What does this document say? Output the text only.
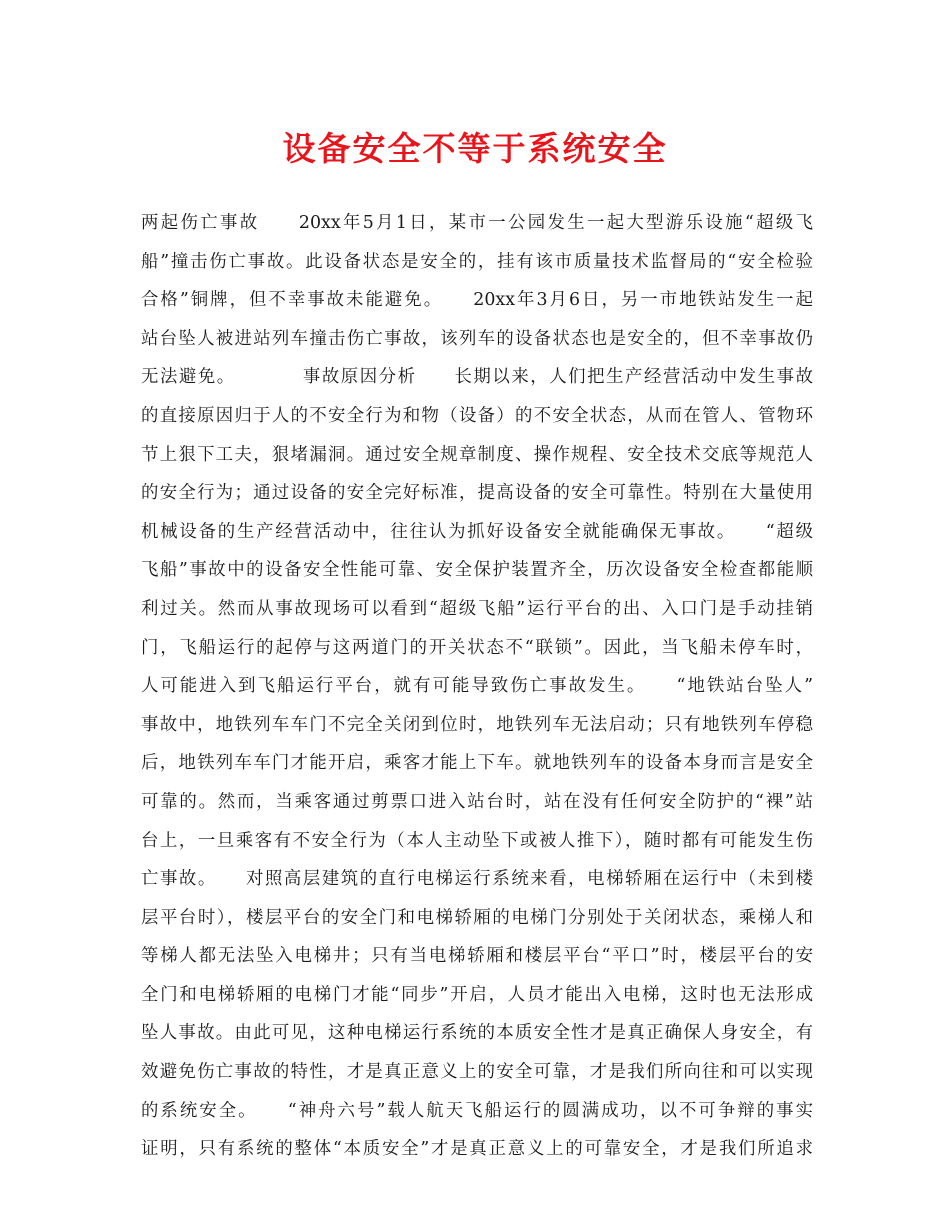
设备安全不等于系统安全
两起伤亡事故　　20xx年5月1日，某市一公园发生一起大型游乐设施“超级飞
船”撞击伤亡事故。此设备状态是安全的，挂有该市质量技术监督局的“安全检验
合格”铜牌，但不幸事故未能避免。　　20xx年3月6日，另一市地铁站发生一起
站台坠人被进站列车撞击伤亡事故，该列车的设备状态也是安全的，但不幸事故仍
无法避免。　　　　事故原因分析　　长期以来，人们把生产经营活动中发生事故
的直接原因归于人的不安全行为和物（设备）的不安全状态，从而在管人、管物环
节上狠下工夫，狠堵漏洞。通过安全规章制度、操作规程、安全技术交底等规范人
的安全行为；通过设备的安全完好标准，提高设备的安全可靠性。特别在大量使用
机械设备的生产经营活动中，往往认为抓好设备安全就能确保无事故。　　“超级
飞船”事故中的设备安全性能可靠、安全保护装置齐全，历次设备安全检查都能顺
利过关。然而从事故现场可以看到“超级飞船”运行平台的出、入口门是手动挂销
门，飞船运行的起停与这两道门的开关状态不“联锁”。因此，当飞船未停车时，
人可能进入到飞船运行平台，就有可能导致伤亡事故发生。　　“地铁站台坠人”
事故中，地铁列车车门不完全关闭到位时，地铁列车无法启动；只有地铁列车停稳
后，地铁列车车门才能开启，乘客才能上下车。就地铁列车的设备本身而言是安全
可靠的。然而，当乘客通过剪票口进入站台时，站在没有任何安全防护的“裸”站
台上，一旦乘客有不安全行为（本人主动坠下或被人推下），随时都有可能发生伤
亡事故。　　对照高层建筑的直行电梯运行系统来看，电梯轿厢在运行中（未到楼
层平台时），楼层平台的安全门和电梯轿厢的电梯门分别处于关闭状态，乘梯人和
等梯人都无法坠入电梯井；只有当电梯轿厢和楼层平台“平口”时，楼层平台的安
全门和电梯轿厢的电梯门才能“同步”开启，人员才能出入电梯，这时也无法形成
坠人事故。由此可见，这种电梯运行系统的本质安全性才是真正确保人身安全，有
效避免伤亡事故的特性，才是真正意义上的安全可靠，才是我们所向往和可以实现
的系统安全。　　“神舟六号”载人航天飞船运行的圆满成功，以不可争辩的事实
证明，只有系统的整体“本质安全”才是真正意义上的可靠安全，才是我们所追求
